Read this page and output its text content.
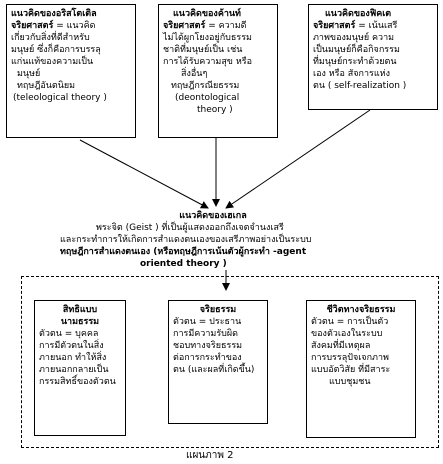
แนวคิดของอริสโตเติล

จริยศาสตร์ = แนวคิด

เกี่ยวกับสิ่งที่ดีสำหรับ

มนุษย์ ซึ่งก็คือการบรรลุ

แก่นแท้ของความเป็น

มนุษย์

ทฤษฎีอันตนิยม

(teleological theory )

แนวคิดของค้านท์

จริยศาสตร์ = ความดี

ไม่ได้ผูกโยงอยู่กับธรรม

ชาติที่มนุษย์เป็น เช่น

การได้รับความสุข หรือ

สิ่งอื่นๆ

ทฤษฎีกรณียธรรม

(deontological

theory )

แนวคิดของฟิคเต

จริยศาสตร์ = เน้นเสรี

ภาพของมนุษย์ ความ

เป็นมนุษย์ก็คือกิจกรรม

ที่มนุษย์กระทำด้วยตน

เอง หรือ สัจการแห่ง

ตน ( self-realization )

แนวคิดของเฮเกล

พระจิต (Geist ) ที่เป็นผู้แสดงออกถึงเจตจำนงเสรี

และกระทำการให้เกิดการสำแดงตนเองของเสรีภาพอย่างเป็นระบบ

ทฤษฎีการสำแดงตนเอง (หรือทฤษฎีการเน้นตัวผู้กระทำ -agent

oriented theory )

สิทธิแบบ

นามธรรม

ตัวตน = บุคคล

การมีตัวตนในสิ่ง

ภายนอก ทำให้สิ่ง

ภายนอกกลายเป็น

กรรมสิทธิ์ของตัวตน

จริยธรรม

ตัวตน = ประธาน

การมีความรับผิด

ชอบทางจริยธรรม

ต่อการกระทำของ

ตน (และผลที่เกิดขึ้น)

ชีวิตทางจริยธรรม

ตัวตน = การเป็นตัว

ของตัวเองในระบบ

สังคมที่มีเหตุผล

การบรรลุปัจเจกภาพ

แบบอัตวิสัย ที่มีสาระ

แบบชุมชน

แผนภาพ 2
